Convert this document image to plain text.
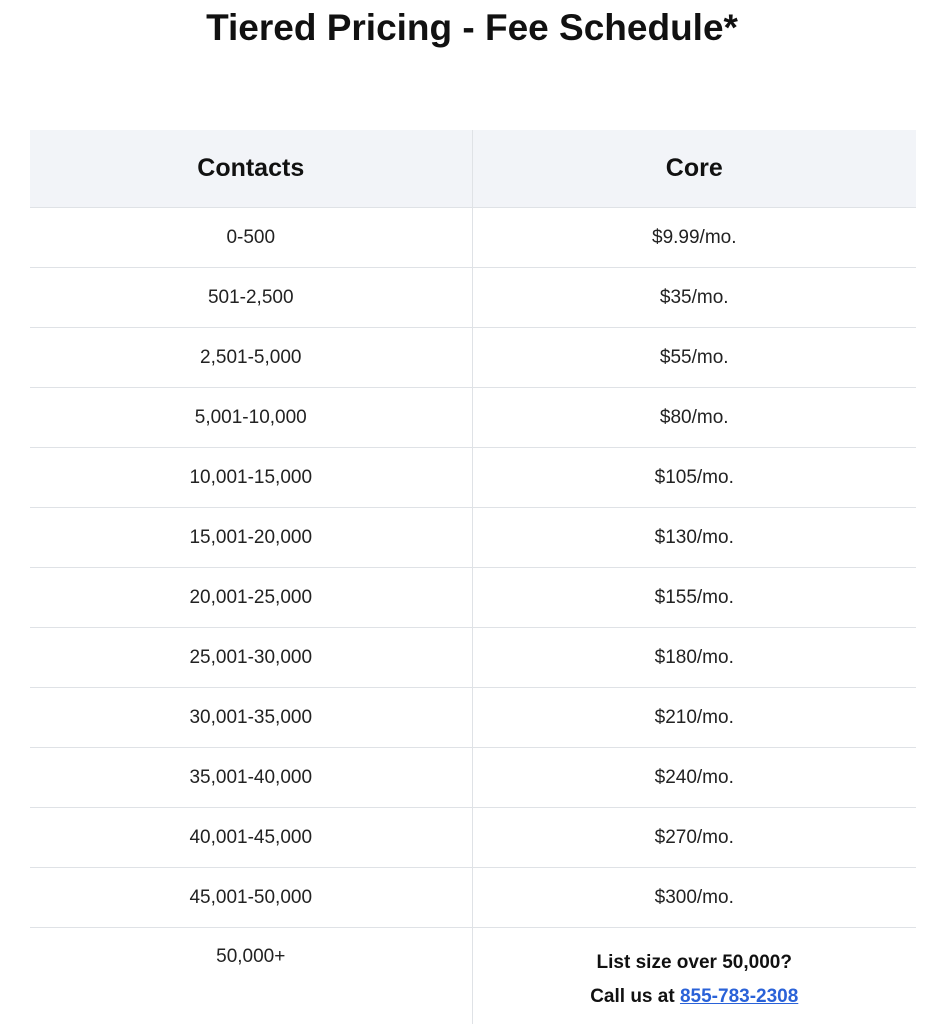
Tiered Pricing - Fee Schedule*
Contacts	Core
0-500	$9.99/mo.
501-2,500	$35/mo.
2,501-5,000	$55/mo.
5,001-10,000	$80/mo.
10,001-15,000	$105/mo.
15,001-20,000	$130/mo.
20,001-25,000	$155/mo.
25,001-30,000	$180/mo.
30,001-35,000	$210/mo.
35,001-40,000	$240/mo.
40,001-45,000	$270/mo.
45,001-50,000	$300/mo.
50,000+	List size over 50,000?
Call us at 855-783-2308
